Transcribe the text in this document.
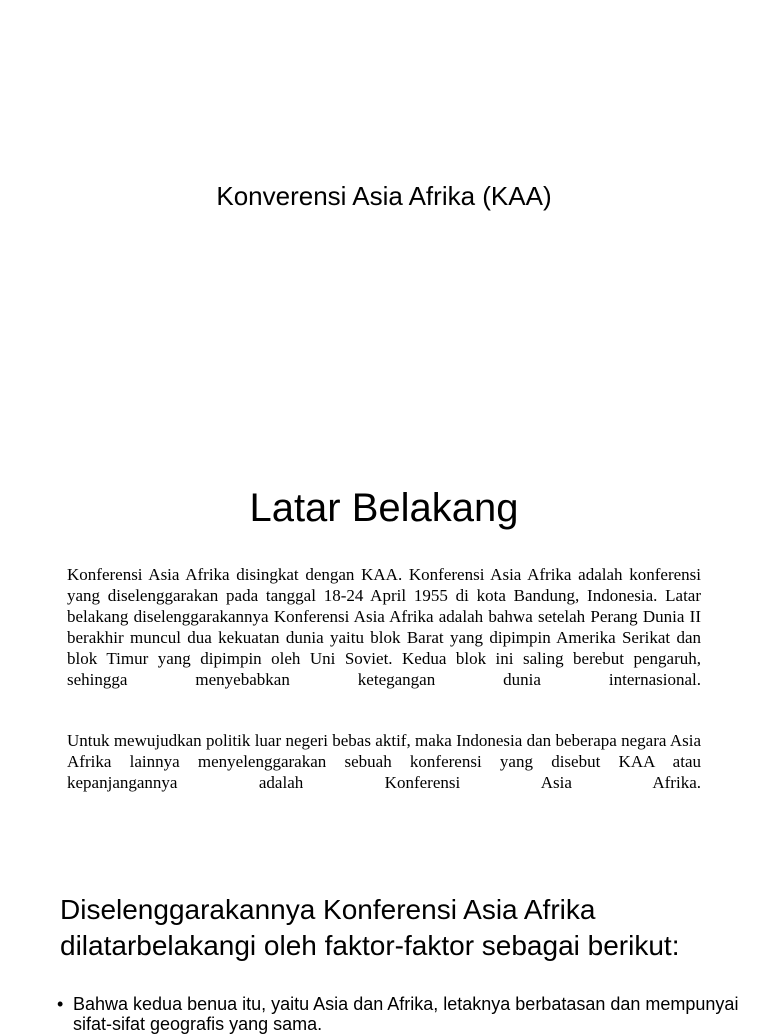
Konverensi Asia Afrika (KAA)
Latar Belakang
Konferensi Asia Afrika disingkat dengan KAA. Konferensi Asia Afrika adalah konferensi yang diselenggarakan pada tanggal 18-24 April 1955 di kota Bandung, Indonesia. Latar belakang diselenggarakannya Konferensi Asia Afrika adalah bahwa setelah Perang Dunia II berakhir muncul dua kekuatan dunia yaitu blok Barat yang dipimpin Amerika Serikat dan blok Timur yang dipimpin oleh Uni Soviet. Kedua blok ini saling berebut pengaruh, sehingga menyebabkan ketegangan dunia internasional.
Untuk mewujudkan politik luar negeri bebas aktif, maka Indonesia dan beberapa negara Asia Afrika lainnya menyelenggarakan sebuah konferensi yang disebut KAA atau kepanjangannya adalah Konferensi Asia Afrika.
Diselenggarakannya Konferensi Asia Afrika dilatarbelakangi oleh faktor-faktor sebagai berikut:
• Bahwa kedua benua itu, yaitu Asia dan Afrika, letaknya berbatasan dan mempunyai sifat-sifat geografis yang sama.
